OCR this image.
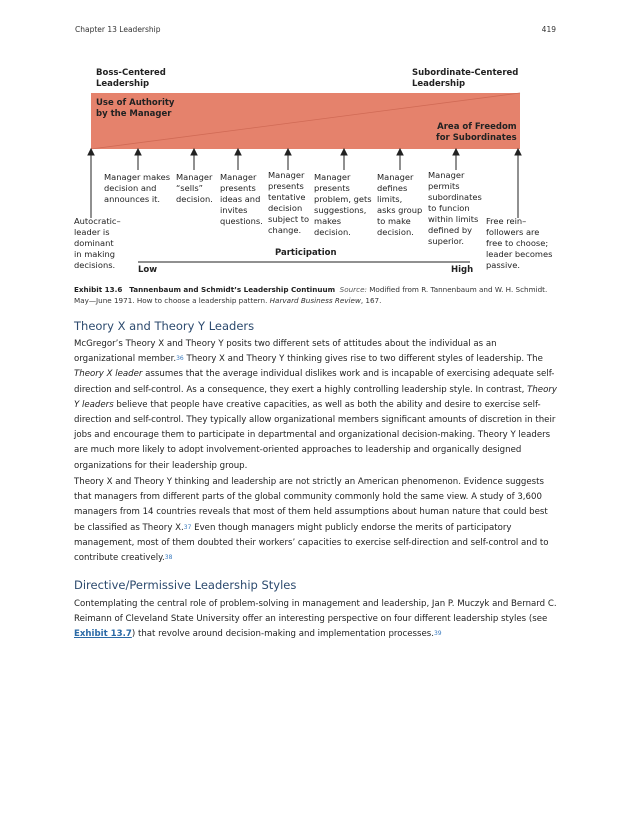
Chapter 13 Leadership	419
Boss-Centered
Leadership
Subordinate-Centered
Leadership
Use of Authority
by the Manager
Area of Freedom
for Subordinates
Autocratic–
leader is
dominant
in making
decisions.
Manager makes
decision and
announces it.
Manager
“sells”
decision.
Manager
presents
ideas and
invites
questions.
Manager
presents
tentative
decision
subject to
change.
Manager
presents
problem, gets
suggestions,
makes
decision.
Manager
defines
limits,
asks group
to make
decision.
Manager
permits
subordinates
to funcion
within limits
defined by
superior.
Free rein–
followers are
free to choose;
leader becomes
passive.
Participation
Low	High
Exhibit 13.6 Tannenbaum and Schmidt’s Leadership Continuum Source: Modified from R. Tannenbaum and W. H. Schmidt. May—June 1971. How to choose a leadership pattern. Harvard Business Review, 167.
Theory X and Theory Y Leaders

McGregor’s Theory X and Theory Y posits two different sets of attitudes about the individual as an organizational member.$^{36}$ Theory X and Theory Y thinking gives rise to two different styles of leadership. The Theory X leader assumes that the average individual dislikes work and is incapable of exercising adequate self-direction and self-control. As a consequence, they exert a highly controlling leadership style. In contrast, Theory Y leaders believe that people have creative capacities, as well as both the ability and desire to exercise self-direction and self-control. They typically allow organizational members significant amounts of discretion in their jobs and encourage them to participate in departmental and organizational decision-making. Theory Y leaders are much more likely to adopt involvement-oriented approaches to leadership and organically designed organizations for their leadership group.

Theory X and Theory Y thinking and leadership are not strictly an American phenomenon. Evidence suggests that managers from different parts of the global community commonly hold the same view. A study of 3,600 managers from 14 countries reveals that most of them held assumptions about human nature that could best be classified as Theory X.$^{37}$ Even though managers might publicly endorse the merits of participatory management, most of them doubted their workers’ capacities to exercise self-direction and self-control and to contribute creatively.$^{38}$

Directive/Permissive Leadership Styles

Contemplating the central role of problem-solving in management and leadership, Jan P. Muczyk and Bernard C. Reimann of Cleveland State University offer an interesting perspective on four different leadership styles (see Exhibit 13.7) that revolve around decision-making and implementation processes.$^{39}$
